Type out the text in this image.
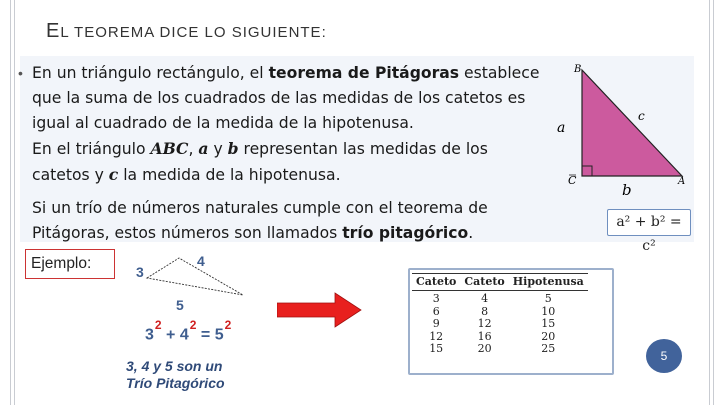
EL TEOREMA DICE LO SIGUIENTE:
• En un triángulo rectángulo, el teorema de Pitágoras establece que la suma de los cuadrados de las medidas de los catetos es igual al cuadrado de la medida de la hipotenusa.
En el triángulo ABC, a y b representan las medidas de los catetos y c la medida de la hipotenusa.
Si un trío de números naturales cumple con el teorema de Pitágoras, estos números son llamados trío pitagórico.
B
C	A
a
c
b
a² + b² = c²
Ejemplo:	3
4
5
$3^2 + 4^2 = 5^2$
3, 4 y 5 son un
Trío Pitagórico
Cateto	Cateto	Hipotenusa
3	4	5
6	8	10
9	12	15
12	16	20
15	20	25
5
